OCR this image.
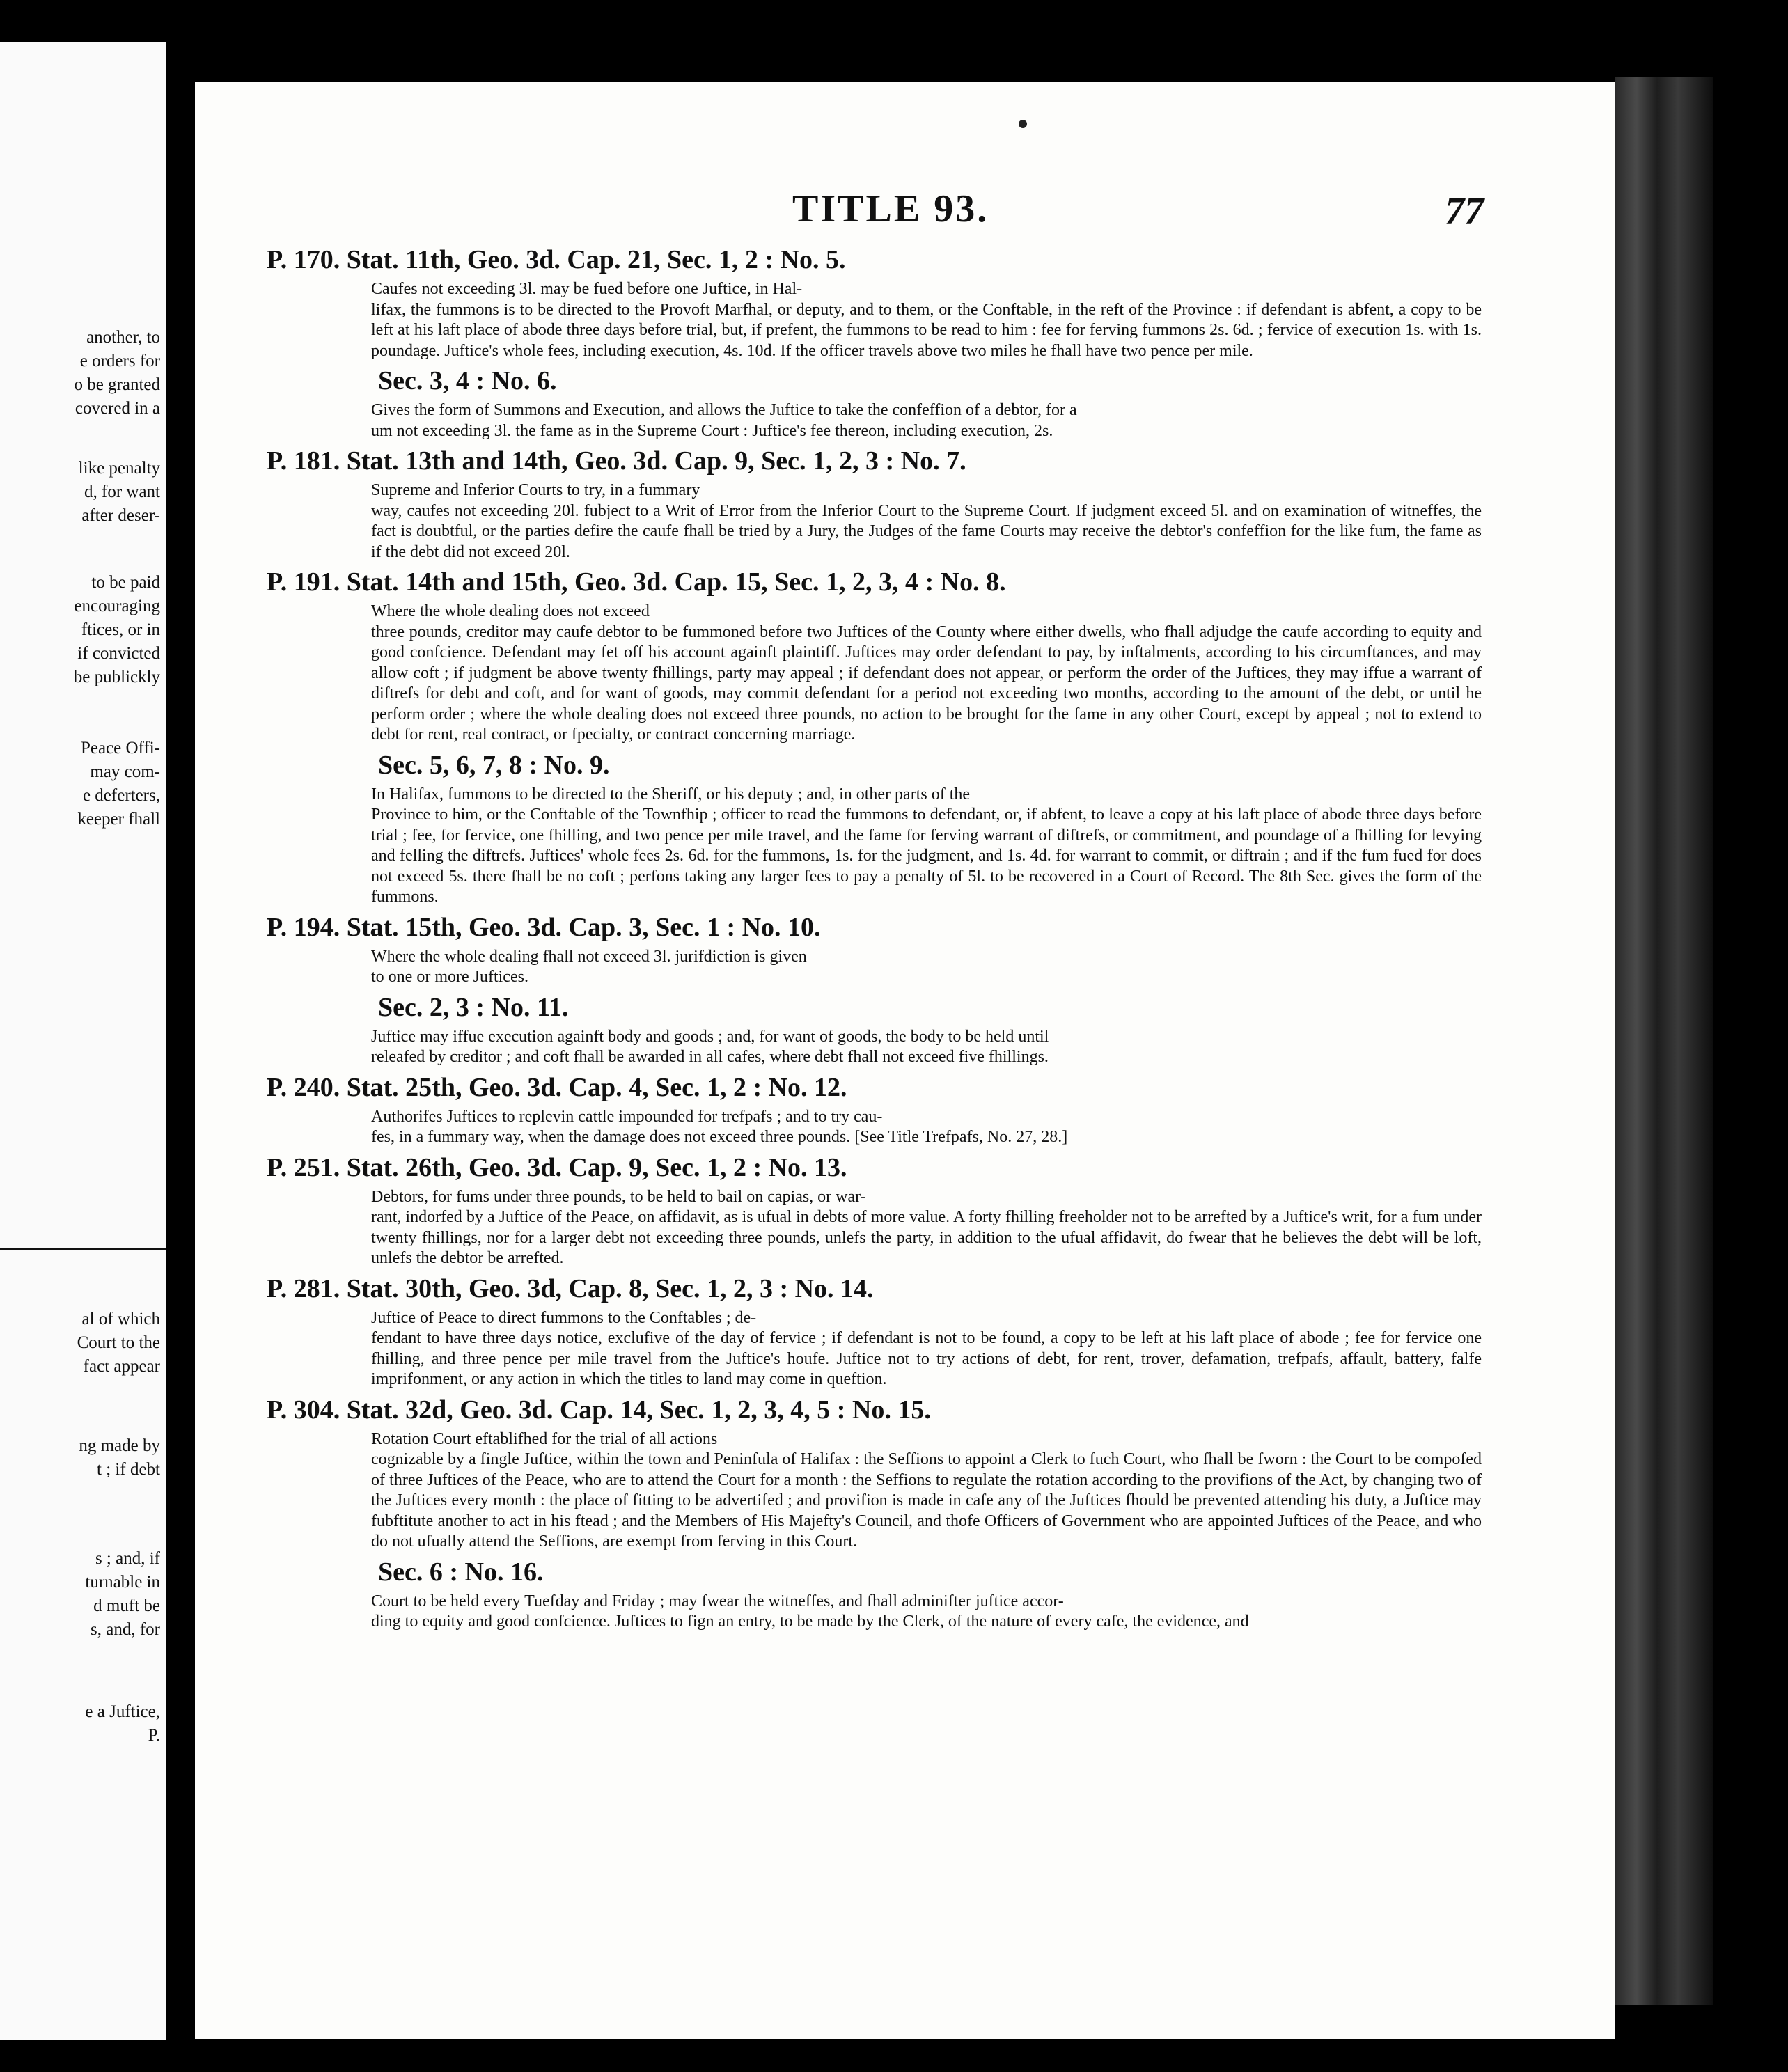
another, to
e orders for
o be granted
covered in a
like penalty
d, for want
after deser-
to be paid
encouraging
ftices, or in
if convicted
be publickly
Peace Offi-
may com-
e deferters,
keeper fhall
al of which
Court to the
fact appear
ng made by
t ; if debt
s ; and, if
turnable in
d muft be
s, and, for
e a Juftice,
P.
TITLE 93.	77
P. 170. Stat. 11th, Geo. 3d. Cap. 21, Sec. 1, 2 : No. 5.
Caufes not exceeding 3l. may be fued before one Juftice, in Hal-
lifax, the fummons is to be directed to the Provoft Marfhal, or deputy, and to them, or the Conftable, in the reft of the Province : if defendant is abfent, a copy to be left at his laft place of abode three days before trial, but, if prefent, the fummons to be read to him : fee for ferving fummons 2s. 6d. ; fervice of execution 1s. with 1s. poundage. Juftice's whole fees, including execution, 4s. 10d. If the officer travels above two miles he fhall have two pence per mile.
Sec. 3, 4 : No. 6.
Gives the form of Summons and Execution, and allows the Juftice to take the confeffion of a debtor, for a
um not exceeding 3l. the fame as in the Supreme Court : Juftice's fee thereon, including execution, 2s.
P. 181. Stat. 13th and 14th, Geo. 3d. Cap. 9, Sec. 1, 2, 3 : No. 7.
Supreme and Inferior Courts to try, in a fummary
way, caufes not exceeding 20l. fubject to a Writ of Error from the Inferior Court to the Supreme Court. If judgment exceed 5l. and on examination of witneffes, the fact is doubtful, or the parties defire the caufe fhall be tried by a Jury, the Judges of the fame Courts may receive the debtor's confeffion for the like fum, the fame as if the debt did not exceed 20l.
P. 191. Stat. 14th and 15th, Geo. 3d. Cap. 15, Sec. 1, 2, 3, 4 : No. 8.
Where the whole dealing does not exceed
three pounds, creditor may caufe debtor to be fummoned before two Juftices of the County where either dwells, who fhall adjudge the caufe according to equity and good confcience. Defendant may fet off his account againft plaintiff. Juftices may order defendant to pay, by inftalments, according to his circumftances, and may allow coft ; if judgment be above twenty fhillings, party may appeal ; if defendant does not appear, or perform the order of the Juftices, they may iffue a warrant of diftrefs for debt and coft, and for want of goods, may commit defendant for a period not exceeding two months, according to the amount of the debt, or until he perform order ; where the whole dealing does not exceed three pounds, no action to be brought for the fame in any other Court, except by appeal ; not to extend to debt for rent, real contract, or fpecialty, or contract concerning marriage.
Sec. 5, 6, 7, 8 : No. 9.
In Halifax, fummons to be directed to the Sheriff, or his deputy ; and, in other parts of the
Province to him, or the Conftable of the Townfhip ; officer to read the fummons to defendant, or, if abfent, to leave a copy at his laft place of abode three days before trial ; fee, for fervice, one fhilling, and two pence per mile travel, and the fame for ferving warrant of diftrefs, or commitment, and poundage of a fhilling for levying and felling the diftrefs. Juftices' whole fees 2s. 6d. for the fummons, 1s. for the judgment, and 1s. 4d. for warrant to commit, or diftrain ; and if the fum fued for does not exceed 5s. there fhall be no coft ; perfons taking any larger fees to pay a penalty of 5l. to be recovered in a Court of Record. The 8th Sec. gives the form of the fummons.
P. 194. Stat. 15th, Geo. 3d. Cap. 3, Sec. 1 : No. 10.
Where the whole dealing fhall not exceed 3l. jurifdiction is given
to one or more Juftices.
Sec. 2, 3 : No. 11.
Juftice may iffue execution againft body and goods ; and, for want of goods, the body to be held until
releafed by creditor ; and coft fhall be awarded in all cafes, where debt fhall not exceed five fhillings.
P. 240. Stat. 25th, Geo. 3d. Cap. 4, Sec. 1, 2 : No. 12.
Authorifes Juftices to replevin cattle impounded for trefpafs ; and to try cau-
fes, in a fummary way, when the damage does not exceed three pounds. [See Title Trefpafs, No. 27, 28.]
P. 251. Stat. 26th, Geo. 3d. Cap. 9, Sec. 1, 2 : No. 13.
Debtors, for fums under three pounds, to be held to bail on capias, or war-
rant, indorfed by a Juftice of the Peace, on affidavit, as is ufual in debts of more value. A forty fhilling freeholder not to be arrefted by a Juftice's writ, for a fum under twenty fhillings, nor for a larger debt not exceeding three pounds, unlefs the party, in addition to the ufual affidavit, do fwear that he believes the debt will be loft, unlefs the debtor be arrefted.
P. 281. Stat. 30th, Geo. 3d, Cap. 8, Sec. 1, 2, 3 : No. 14.
Juftice of Peace to direct fummons to the Conftables ; de-
fendant to have three days notice, exclufive of the day of fervice ; if defendant is not to be found, a copy to be left at his laft place of abode ; fee for fervice one fhilling, and three pence per mile travel from the Juftice's houfe. Juftice not to try actions of debt, for rent, trover, defamation, trefpafs, affault, battery, falfe imprifonment, or any action in which the titles to land may come in queftion.
P. 304. Stat. 32d, Geo. 3d. Cap. 14, Sec. 1, 2, 3, 4, 5 : No. 15.
Rotation Court eftablifhed for the trial of all actions
cognizable by a fingle Juftice, within the town and Peninfula of Halifax : the Seffions to appoint a Clerk to fuch Court, who fhall be fworn : the Court to be compofed of three Juftices of the Peace, who are to attend the Court for a month : the Seffions to regulate the rotation according to the provifions of the Act, by changing two of the Juftices every month : the place of fitting to be advertifed ; and provifion is made in cafe any of the Juftices fhould be prevented attending his duty, a Juftice may fubftitute another to act in his ftead ; and the Members of His Majefty's Council, and thofe Officers of Government who are appointed Juftices of the Peace, and who do not ufually attend the Seffions, are exempt from ferving in this Court.
Sec. 6 : No. 16.
Court to be held every Tuefday and Friday ; may fwear the witneffes, and fhall adminifter juftice accor-
ding to equity and good confcience. Juftices to fign an entry, to be made by the Clerk, of the nature of every cafe, the evidence, and
